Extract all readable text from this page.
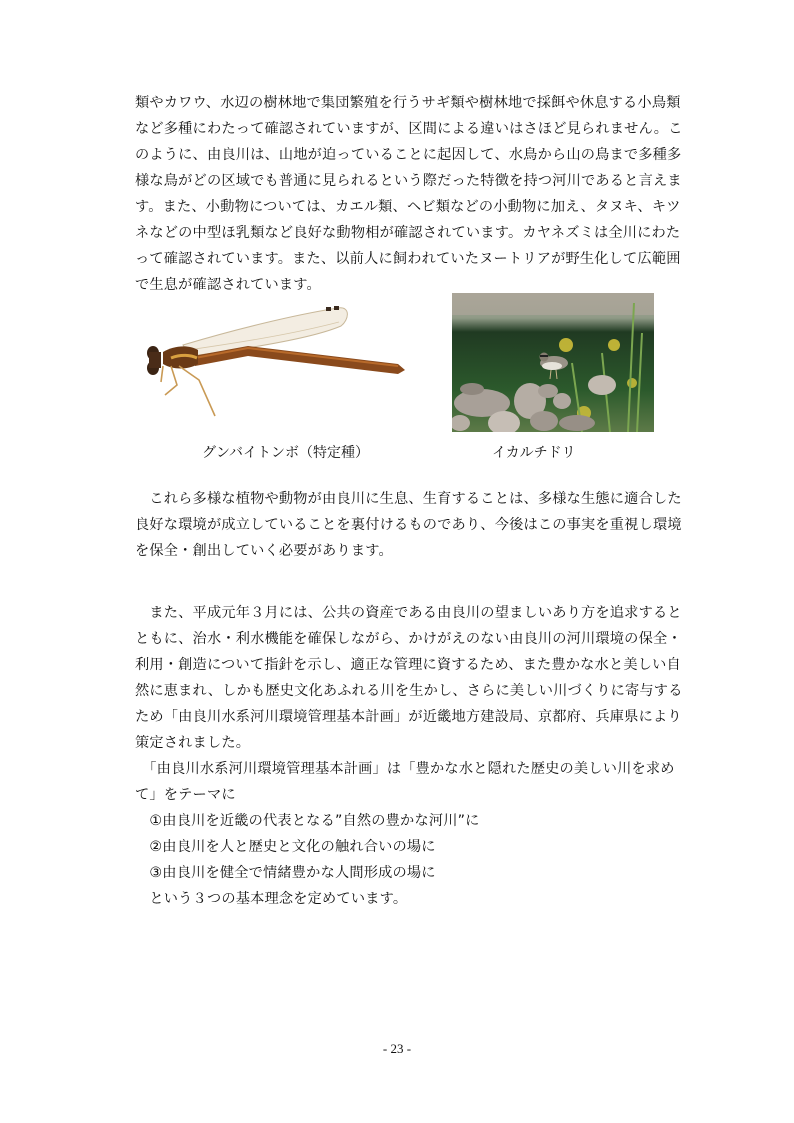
類やカワウ、水辺の樹林地で集団繁殖を行うサギ類や樹林地で採餌や休息する小鳥類
など多種にわたって確認されていますが、区間による違いはさほど見られません。こ
のように、由良川は、山地が迫っていることに起因して、水鳥から山の鳥まで多種多
様な鳥がどの区域でも普通に見られるという際だった特徴を持つ河川であると言えま
す。また、小動物については、カエル類、ヘビ類などの小動物に加え、タヌキ、キツ
ネなどの中型ほ乳類など良好な動物相が確認されています。カヤネズミは全川にわた
って確認されています。また、以前人に飼われていたヌートリアが野生化して広範囲
で生息が確認されています。
グンバイトンボ（特定種）	イカルチドリ
　これら多様な植物や動物が由良川に生息、生育することは、多様な生態に適合した
良好な環境が成立していることを裏付けるものであり、今後はこの事実を重視し環境
を保全・創出していく必要があります。
　また、平成元年３月には、公共の資産である由良川の望ましいあり方を追求すると
ともに、治水・利水機能を確保しながら、かけがえのない由良川の河川環境の保全・
利用・創造について指針を示し、適正な管理に資するため、また豊かな水と美しい自
然に恵まれ、しかも歴史文化あふれる川を生かし、さらに美しい川づくりに寄与する
ため「由良川水系河川環境管理基本計画」が近畿地方建設局、京都府、兵庫県により
策定されました。
　「由良川水系河川環境管理基本計画」は「豊かな水と隠れた歴史の美しい川を求め
て」をテーマに
　①由良川を近畿の代表となる”自然の豊かな河川”に
　②由良川を人と歴史と文化の触れ合いの場に
　③由良川を健全で情緒豊かな人間形成の場に
　という３つの基本理念を定めています。
- 23 -
